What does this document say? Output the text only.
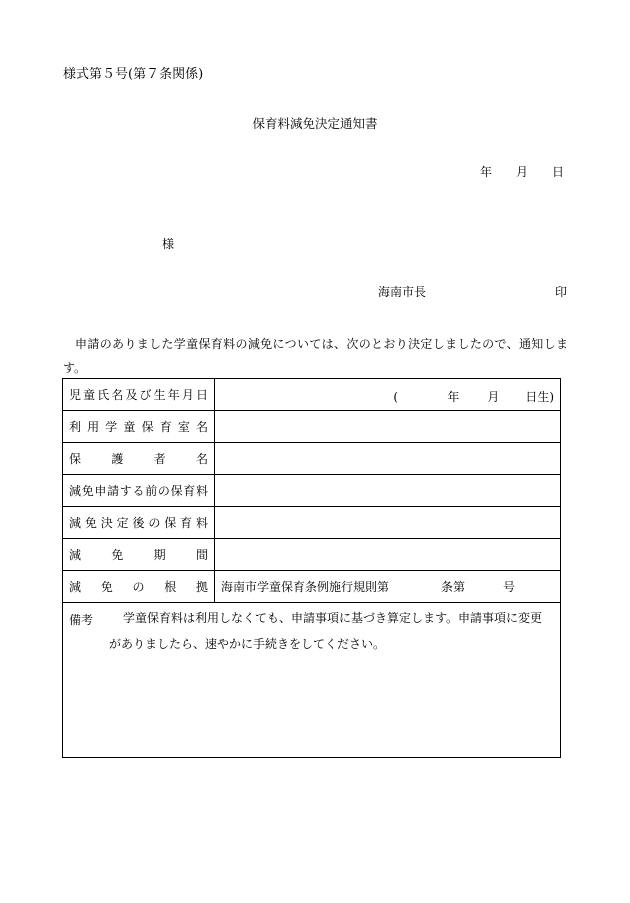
様式第５号(第７条関係)
保育料減免決定通知書
年 月 日
様
海南市長	印
申請のありました学童保育料の減免については、次のとおり決定しましたので、通知します。
児童氏名及び生年月日	( 年 月 日生)

利用学童保育室名	

保護者名	

減免申請する前の保育料	

減免決定後の保育料	

減免期間	

減免の根拠	海南市学童保育条例施行規則第 条第 号

備考 学童保育料は利用しなくても、申請事項に基づき算定します。申請事項に変更

がありましたら、速やかに手続きをしてください。	
